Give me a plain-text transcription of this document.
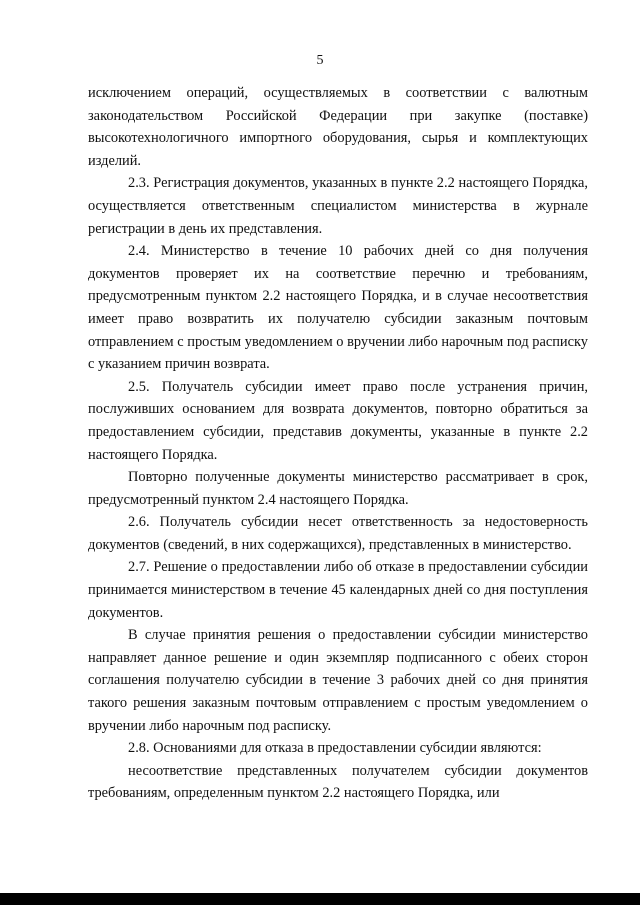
5

исключением операций, осуществляемых в соответствии с валютным законодательством Российской Федерации при закупке (поставке) высокотехнологичного импортного оборудования, сырья и комплектующих изделий.

2.3. Регистрация документов, указанных в пункте 2.2 настоящего Порядка, осуществляется ответственным специалистом министерства в журнале регистрации в день их представления.

2.4. Министерство в течение 10 рабочих дней со дня получения документов проверяет их на соответствие перечню и требованиям, предусмотренным пунктом 2.2 настоящего Порядка, и в случае несоответствия имеет право возвратить их получателю субсидии заказным почтовым отправлением с простым уведомлением о вручении либо нарочным под расписку с указанием причин возврата.

2.5. Получатель субсидии имеет право после устранения причин, послуживших основанием для возврата документов, повторно обратиться за предоставлением субсидии, представив документы, указанные в пункте 2.2 настоящего Порядка.

Повторно полученные документы министерство рассматривает в срок, предусмотренный пунктом 2.4 настоящего Порядка.

2.6. Получатель субсидии несет ответственность за недостоверность документов (сведений, в них содержащихся), представленных в министерство.

2.7. Решение о предоставлении либо об отказе в предоставлении субсидии принимается министерством в течение 45 календарных дней со дня поступления документов.

В случае принятия решения о предоставлении субсидии министерство направляет данное решение и один экземпляр подписанного с обеих сторон соглашения получателю субсидии в течение 3 рабочих дней со дня принятия такого решения заказным почтовым отправлением с простым уведомлением о вручении либо нарочным под расписку.

2.8. Основаниями для отказа в предоставлении субсидии являются:

несоответствие представленных получателем субсидии документов требованиям, определенным пунктом 2.2 настоящего Порядка, или
